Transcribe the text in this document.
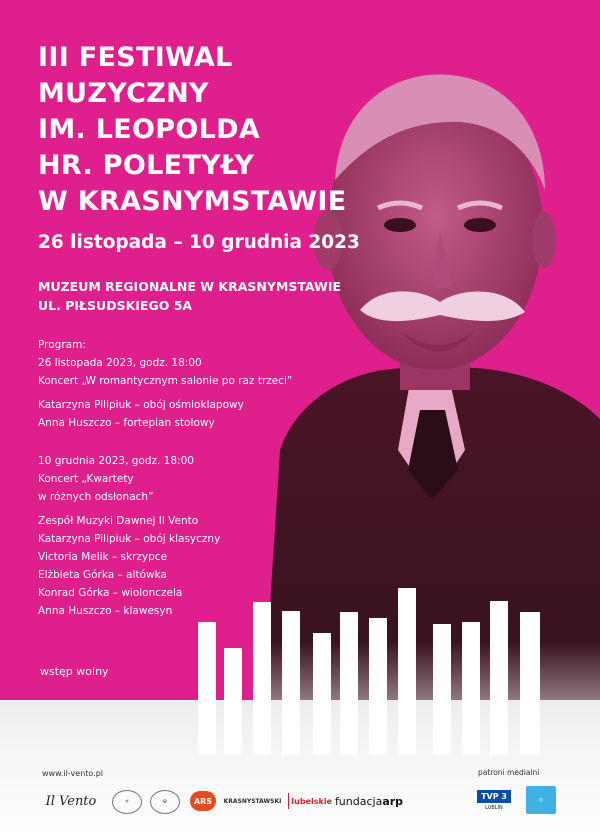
III FESTIWAL
MUZYCZNY
IM. LEOPOLDA
HR. POLETYŁY
W KRASNYMSTAWIE
26 listopada – 10 grudnia 2023
MUZEUM REGIONALNE W KRASNYMSTAWIE
UL. PIŁSUDSKIEGO 5A
Program:
26 listopada 2023, godz. 18:00
Koncert „W romantycznym salonie po raz trzeci”
Katarzyna Pilipiuk – obój ośmioklapowy
Anna Huszczo – fortepian stołowy
10 grudnia 2023, godz. 18:00
Koncert „Kwartety
w różnych odsłonach”
Zespół Muzyki Dawnej Il Vento
Katarzyna Pilipiuk – obój klasyczny
Victoria Melik – skrzypce
Elżbieta Górka – altówka
Konrad Górka – wiolonczela
Anna Huszczo – klawesyn
wstęp wolny
www.il-vento.pl	patroni medialni
Il Vento	⚜	✠	ARS	KRASNYSTAWSKI lubelskie fundacja arp	TVP 3
LUBLIN
◎
